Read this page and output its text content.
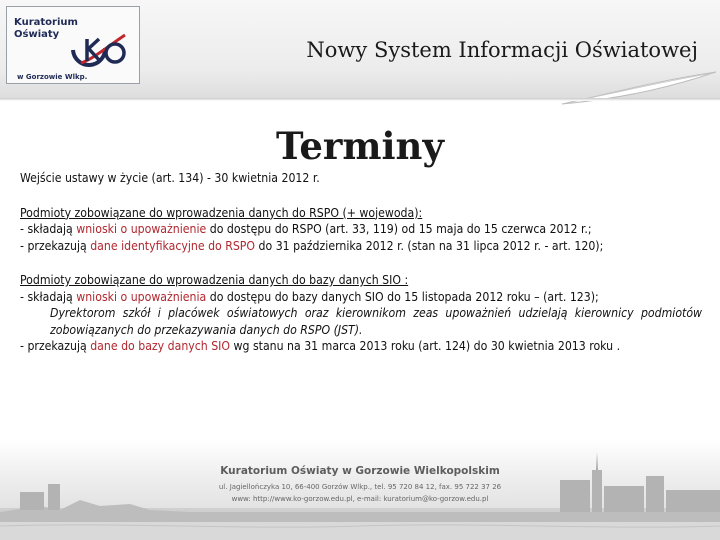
Kuratorium
Oświaty
w Gorzowie Wlkp.
Nowy System Informacji Oświatowej
Terminy

Wejście ustawy w życie (art. 134) - 30 kwietnia 2012 r.

Podmioty zobowiązane do wprowadzenia danych do RSPO (+ wojewoda):

- składają wnioski o upoważnienie do dostępu do RSPO (art. 33, 119) od 15 maja do 15 czerwca 2012 r.;

- przekazują dane identyfikacyjne do RSPO do 31 października 2012 r. (stan na 31 lipca 2012 r. - art. 120);

Podmioty zobowiązane do wprowadzenia danych do bazy danych SIO :

- składają wnioski o upoważnienia do dostępu do bazy danych SIO do 15 listopada 2012 roku – (art. 123);

Dyrektorom szkół i placówek oświatowych oraz kierownikom zeas upoważnień udzielają kierownicy podmiotów zobowiązanych do przekazywania danych do RSPO (JST).

- przekazują dane do bazy danych SIO wg stanu na 31 marca 2013 roku (art. 124) do 30 kwietnia 2013 roku .

Kuratorium Oświaty w Gorzowie Wielkopolskim
ul. Jagiellończyka 10, 66-400 Gorzów Wlkp., tel. 95 720 84 12, fax. 95 722 37 26
www: http://www.ko-gorzow.edu.pl, e-mail: kuratorium@ko-gorzow.edu.pl
